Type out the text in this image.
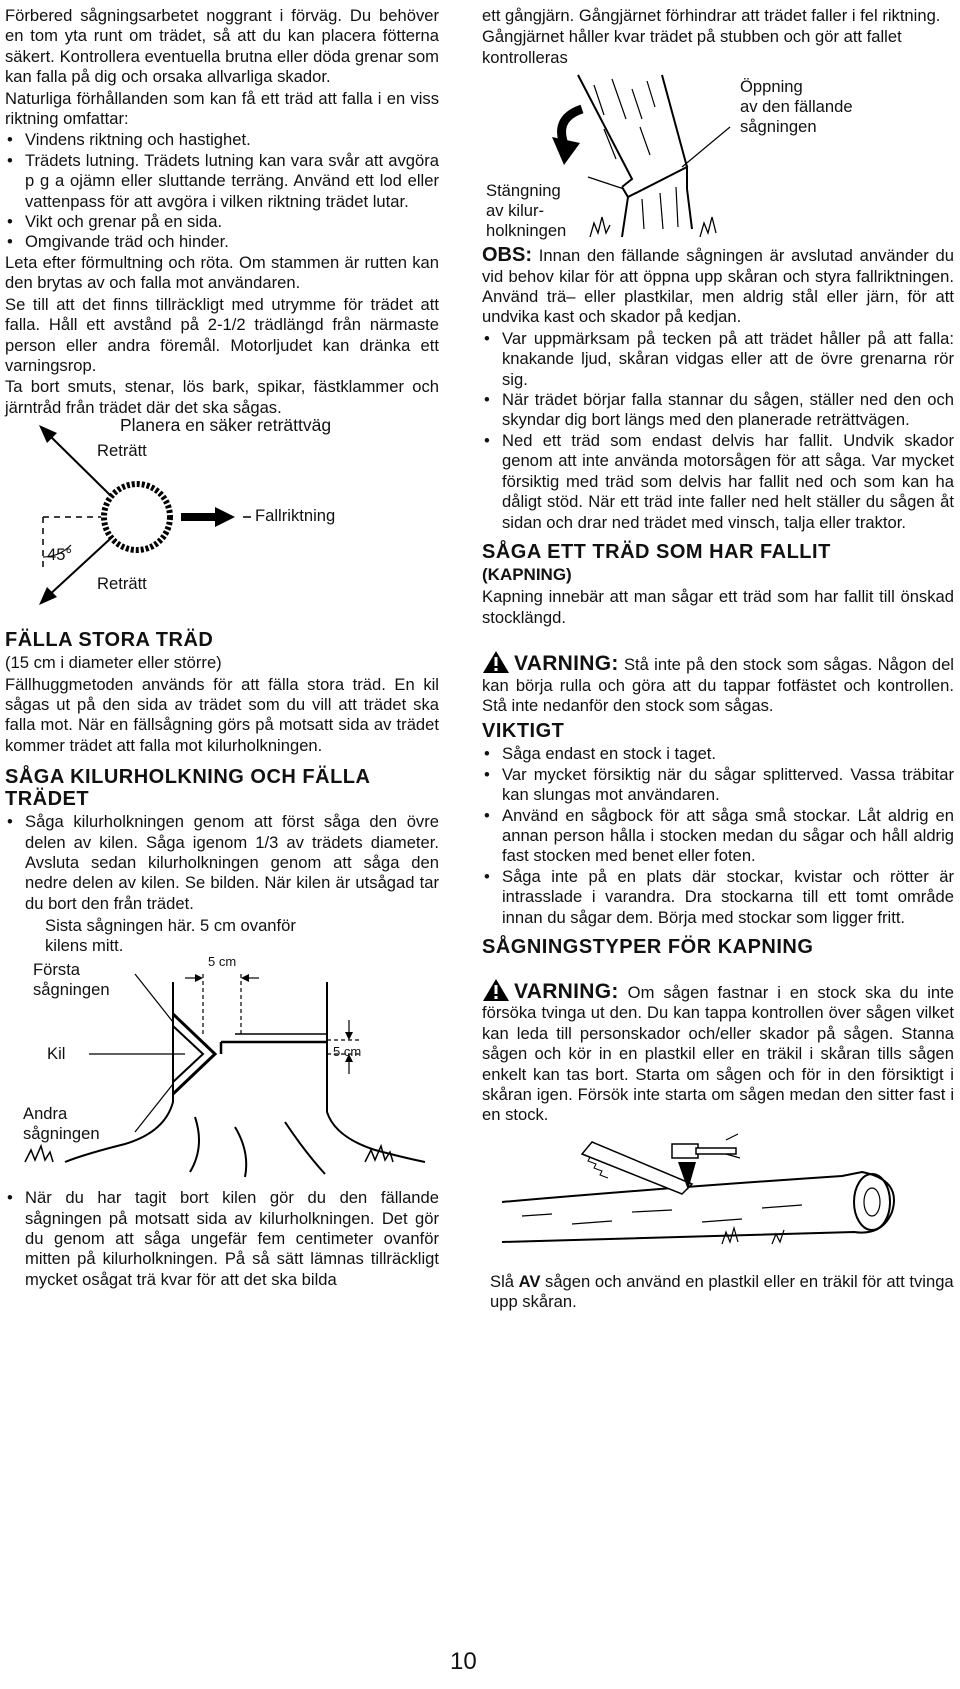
Förbered sågningsarbetet noggrant i förväg. Du behöver en tom yta runt om trädet, så att du kan placera fötterna säkert. Kontrollera eventuella brutna eller döda grenar som kan falla på dig och orsaka allvarliga skador.

Naturliga förhållanden som kan få ett träd att falla i en viss riktning omfattar:

• Vindens riktning och hastighet.
• Trädets lutning. Trädets lutning kan vara svår att avgöra p g a ojämn eller sluttande terräng. Använd ett lod eller vattenpass för att avgöra i vilken riktning trädet lutar.
• Vikt och grenar på en sida.
• Omgivande träd och hinder.

Leta efter förmultning och röta. Om stammen är rutten kan den brytas av och falla mot användaren.

Se till att det finns tillräckligt med utrymme för trädet att falla. Håll ett avstånd på 2-1/2 trädlängd från närmaste person eller andra föremål. Motorljudet kan dränka ett varningsrop.

Ta bort smuts, stenar, lös bark, spikar, fästklammer och järntråd från trädet där det ska sågas.

Planera en säker reträttväg
Reträtt
Fallriktning
45°
Reträtt
FÄLLA STORA TRÄD

(15 cm i diameter eller större)

Fällhuggmetoden används för att fälla stora träd. En kil sågas ut på den sida av trädet som du vill att trädet ska falla mot. När en fällsågning görs på motsatt sida av trädet kommer trädet att falla mot kilurholkningen.

SÅGA KILURHOLKNING OCH FÄLLA TRÄDET
• Såga kilurholkningen genom att först såga den övre delen av kilen. Såga igenom 1/3 av trädets diameter. Avsluta sedan kilurholkningen genom att såga den nedre delen av kilen. Se bilden. När kilen är utsågad tar du bort den från trädet.
Sista sågningen här. 5 cm ovanför
kilens mitt.
5 cm
Första
sågningen
Kil	5 cm
Andra
sågningen
• När du har tagit bort kilen gör du den fällande sågningen på motsatt sida av kilurholkningen. Det gör du genom att såga ungefär fem centimeter ovanför mitten på kilurholkningen. På så sätt lämnas tillräckligt mycket osågat trä kvar för att det ska bilda

ett gångjärn. Gångjärnet förhindrar att trädet faller i fel riktning.

Gångjärnet håller kvar trädet på stubben och gör att fallet kontrolleras

Öppning
av den fällande
sågningen
Stängning
av kilur-
holkningen

OBS: Innan den fällande sågningen är avslutad använder du vid behov kilar för att öppna upp skåran och styra fallriktningen. Använd trä– eller plastkilar, men aldrig stål eller järn, för att undvika kast och skador på kedjan.

• Var uppmärksam på tecken på att trädet håller på att falla: knakande ljud, skåran vidgas eller att de övre grenarna rör sig.
• När trädet börjar falla stannar du sågen, ställer ned den och skyndar dig bort längs med den planerade reträttvägen.
• Ned ett träd som endast delvis har fallit. Undvik skador genom att inte använda motorsågen för att såga. Var mycket försiktig med träd som delvis har fallit ned och som kan ha dåligt stöd. När ett träd inte faller ned helt ställer du sågen åt sidan och drar ned trädet med vinsch, talja eller traktor.
SÅGA ETT TRÄD SOM HAR FALLIT
(KAPNING)

Kapning innebär att man sågar ett träd som har fallit till önskad stocklängd.

VARNING: Stå inte på den stock som sågas. Någon del kan börja rulla och göra att du tappar fotfästet och kontrollen. Stå inte nedanför den stock som sågas.

VIKTIGT
• Såga endast en stock i taget.
• Var mycket försiktig när du sågar splitterved. Vassa träbitar kan slungas mot användaren.
• Använd en sågbock för att såga små stockar. Låt aldrig en annan person hålla i stocken medan du sågar och håll aldrig fast stocken med benet eller foten.
• Såga inte på en plats där stockar, kvistar och rötter är intrasslade i varandra. Dra stockarna till ett tomt område innan du sågar dem. Börja med stockar som ligger fritt.
SÅGNINGSTYPER FÖR KAPNING

VARNING: Om sågen fastnar i en stock ska du inte försöka tvinga ut den. Du kan tappa kontrollen över sågen vilket kan leda till personskador och/eller skador på sågen. Stanna sågen och kör in en plastkil eller en träkil i skåran tills sågen enkelt kan tas bort. Starta om sågen och för in den försiktigt i skåran igen. Försök inte starta om sågen medan den sitter fast i en stock.

Slå AV sågen och använd en plastkil eller en träkil för att tvinga upp skåran.

10
